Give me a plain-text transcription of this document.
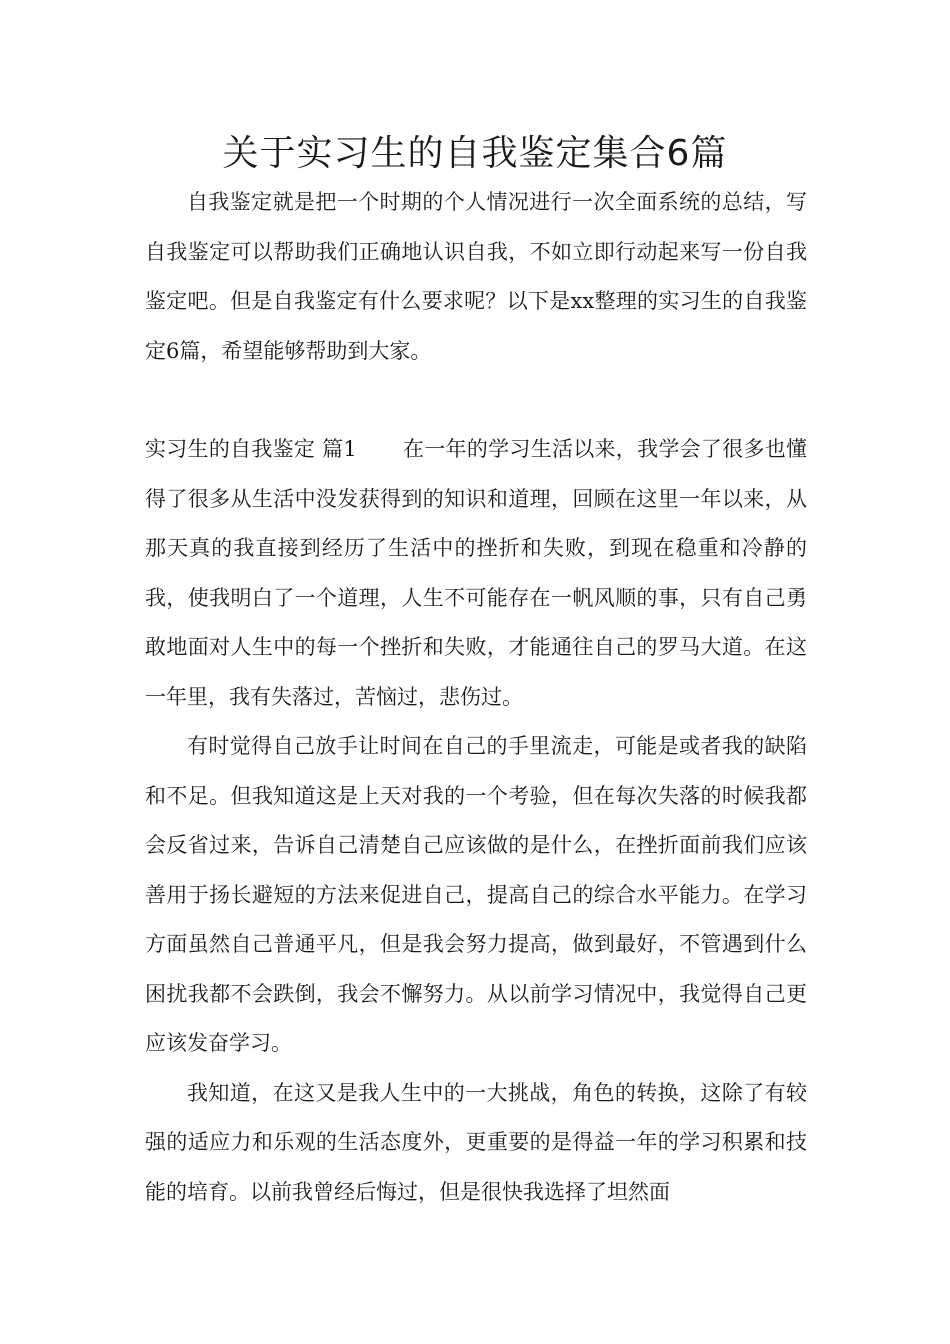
关于实习生的自我鉴定集合6篇

自我鉴定就是把一个时期的个人情况进行一次全面系统的总结，写自我鉴定可以帮助我们正确地认识自我，不如立即行动起来写一份自我鉴定吧。但是自我鉴定有什么要求呢？以下是xx整理的实习生的自我鉴定6篇，希望能够帮助到大家。

实习生的自我鉴定 篇1 在一年的学习生活以来，我学会了很多也懂得了很多从生活中没发获得到的知识和道理，回顾在这里一年以来，从那天真的我直接到经历了生活中的挫折和失败，到现在稳重和冷静的我，使我明白了一个道理，人生不可能存在一帆风顺的事，只有自己勇敢地面对人生中的每一个挫折和失败，才能通往自己的罗马大道。在这一年里，我有失落过，苦恼过，悲伤过。

有时觉得自己放手让时间在自己的手里流走，可能是或者我的缺陷和不足。但我知道这是上天对我的一个考验，但在每次失落的时候我都会反省过来，告诉自己清楚自己应该做的是什么，在挫折面前我们应该善用于扬长避短的方法来促进自己，提高自己的综合水平能力。在学习方面虽然自己普通平凡，但是我会努力提高，做到最好，不管遇到什么困扰我都不会跌倒，我会不懈努力。从以前学习情况中，我觉得自己更应该发奋学习。

我知道，在这又是我人生中的一大挑战，角色的转换，这除了有较强的适应力和乐观的生活态度外，更重要的是得益一年的学习积累和技能的培育。以前我曾经后悔过，但是很快我选择了坦然面
